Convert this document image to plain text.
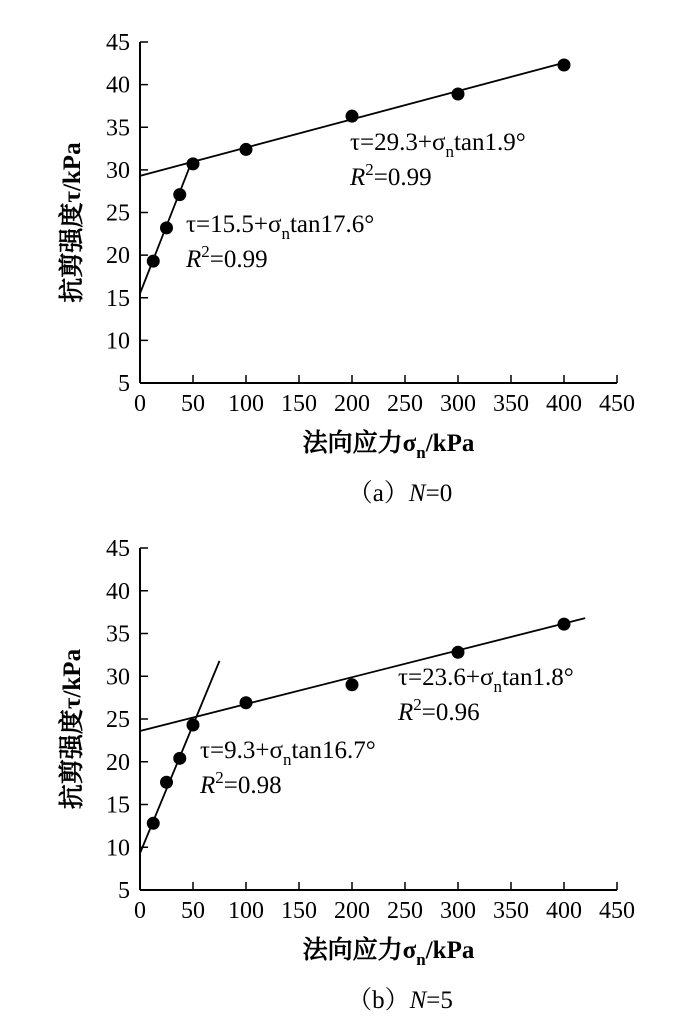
0 50 100 150 200 250 300 350 400 450
5
10
15
20
25
30
35
40
45
法向应力$\sigma_n$/kPa
抗剪强度τ/kPa	$\tau=15.5+\sigma_n\tan 17.6^\circ$
$R^2=0.99$
$\tau=29.3+\sigma_n\tan 1.9^\circ$
$R^2=0.99$
（a）N=0
0 50 100 150 200 250 300 350 400 450
5
10
15
20
25
30
35
40
45
法向应力$\sigma_n$/kPa
抗剪强度τ/kPa	$\tau=9.3+\sigma_n\tan 16.7^\circ$
$R^2=0.98$
$\tau=23.6+\sigma_n\tan 1.8^\circ$
$R^2=0.96$
（b）N=5
